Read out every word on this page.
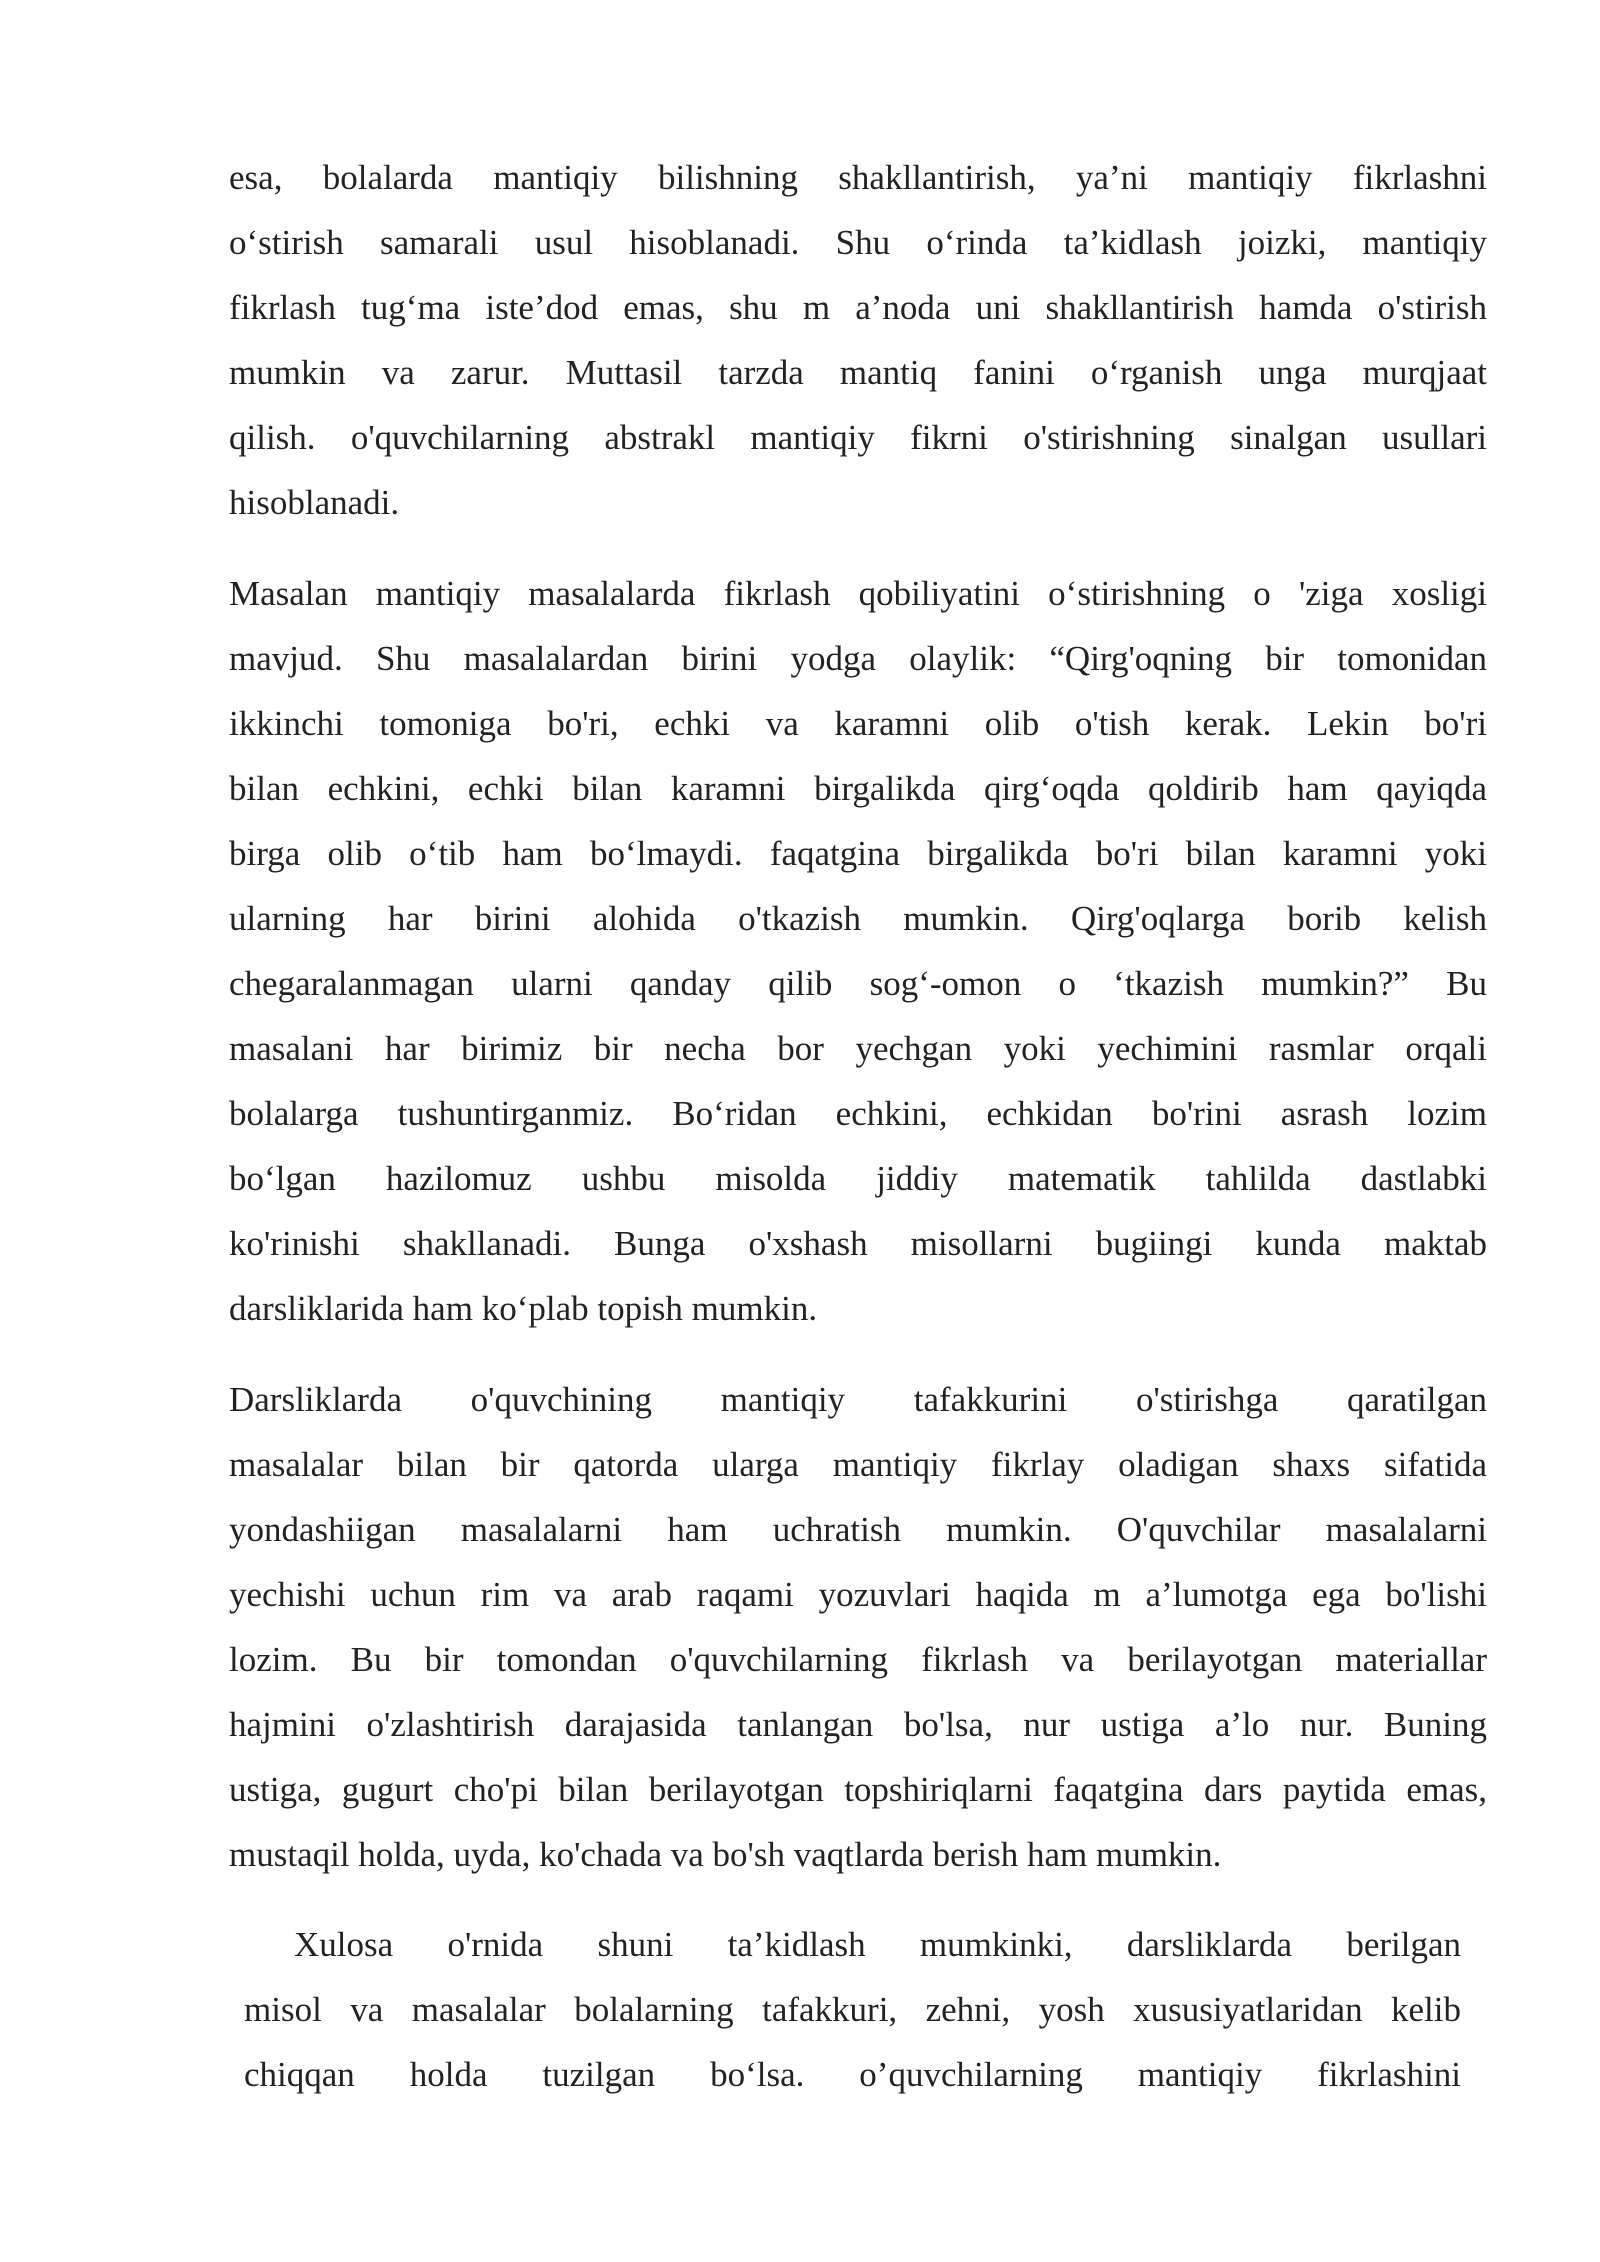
esa, bolalarda mantiqiy bilishning shakllantirish, ya’ni mantiqiy fikrlashni
o‘stirish samarali usul hisoblanadi. Shu o‘rinda ta’kidlash joizki, mantiqiy
fikrlash tug‘ma iste’dod emas, shu m a’noda uni shakllantirish hamda o'stirish
mumkin va zarur. Muttasil tarzda mantiq fanini o‘rganish unga murqjaat
qilish. o'quvchilarning abstrakl mantiqiy fikrni o'stirishning sinalgan usullari
hisoblanadi.
Masalan mantiqiy masalalarda fikrlash qobiliyatini o‘stirishning o 'ziga xosligi
mavjud. Shu masalalardan birini yodga olaylik: “Qirg'oqning bir tomonidan
ikkinchi tomoniga bo'ri, echki va karamni olib o'tish kerak. Lekin bo'ri
bilan echkini, echki bilan karamni birgalikda qirg‘oqda qoldirib ham qayiqda
birga olib o‘tib ham bo‘lmaydi. faqatgina birgalikda bo'ri bilan karamni yoki
ularning har birini alohida o'tkazish mumkin. Qirg'oqlarga borib kelish
chegaralanmagan ularni qanday qilib sog‘-omon o ‘tkazish mumkin?” Bu
masalani har birimiz bir necha bor yechgan yoki yechimini rasmlar orqali
bolalarga tushuntirganmiz. Bo‘ridan echkini, echkidan bo'rini asrash lozim
bo‘lgan hazilomuz ushbu misolda jiddiy matematik tahlilda dastlabki
ko'rinishi shakllanadi. Bunga o'xshash misollarni bugiingi kunda maktab
darsliklarida ham ko‘plab topish mumkin.
Darsliklarda o'quvchining mantiqiy tafakkurini o'stirishga qaratilgan
masalalar bilan bir qatorda ularga mantiqiy fikrlay oladigan shaxs sifatida
yondashiigan masalalarni ham uchratish mumkin. O'quvchilar masalalarni
yechishi uchun rim va arab raqami yozuvlari haqida m a’lumotga ega bo'lishi
lozim. Bu bir tomondan o'quvchilarning fikrlash va berilayotgan materiallar
hajmini o'zlashtirish darajasida tanlangan bo'lsa, nur ustiga a’lo nur. Buning
ustiga, gugurt cho'pi bilan berilayotgan topshiriqlarni faqatgina dars paytida emas,
mustaqil holda, uyda, ko'chada va bo'sh vaqtlarda berish ham mumkin.
Xulosa o'rnida shuni ta’kidlash mumkinki, darsliklarda berilgan
misol va masalalar bolalarning tafakkuri, zehni, yosh xususiyatlaridan kelib
chiqqan holda tuzilgan bo‘lsa. o’quvchilarning mantiqiy fikrlashini
